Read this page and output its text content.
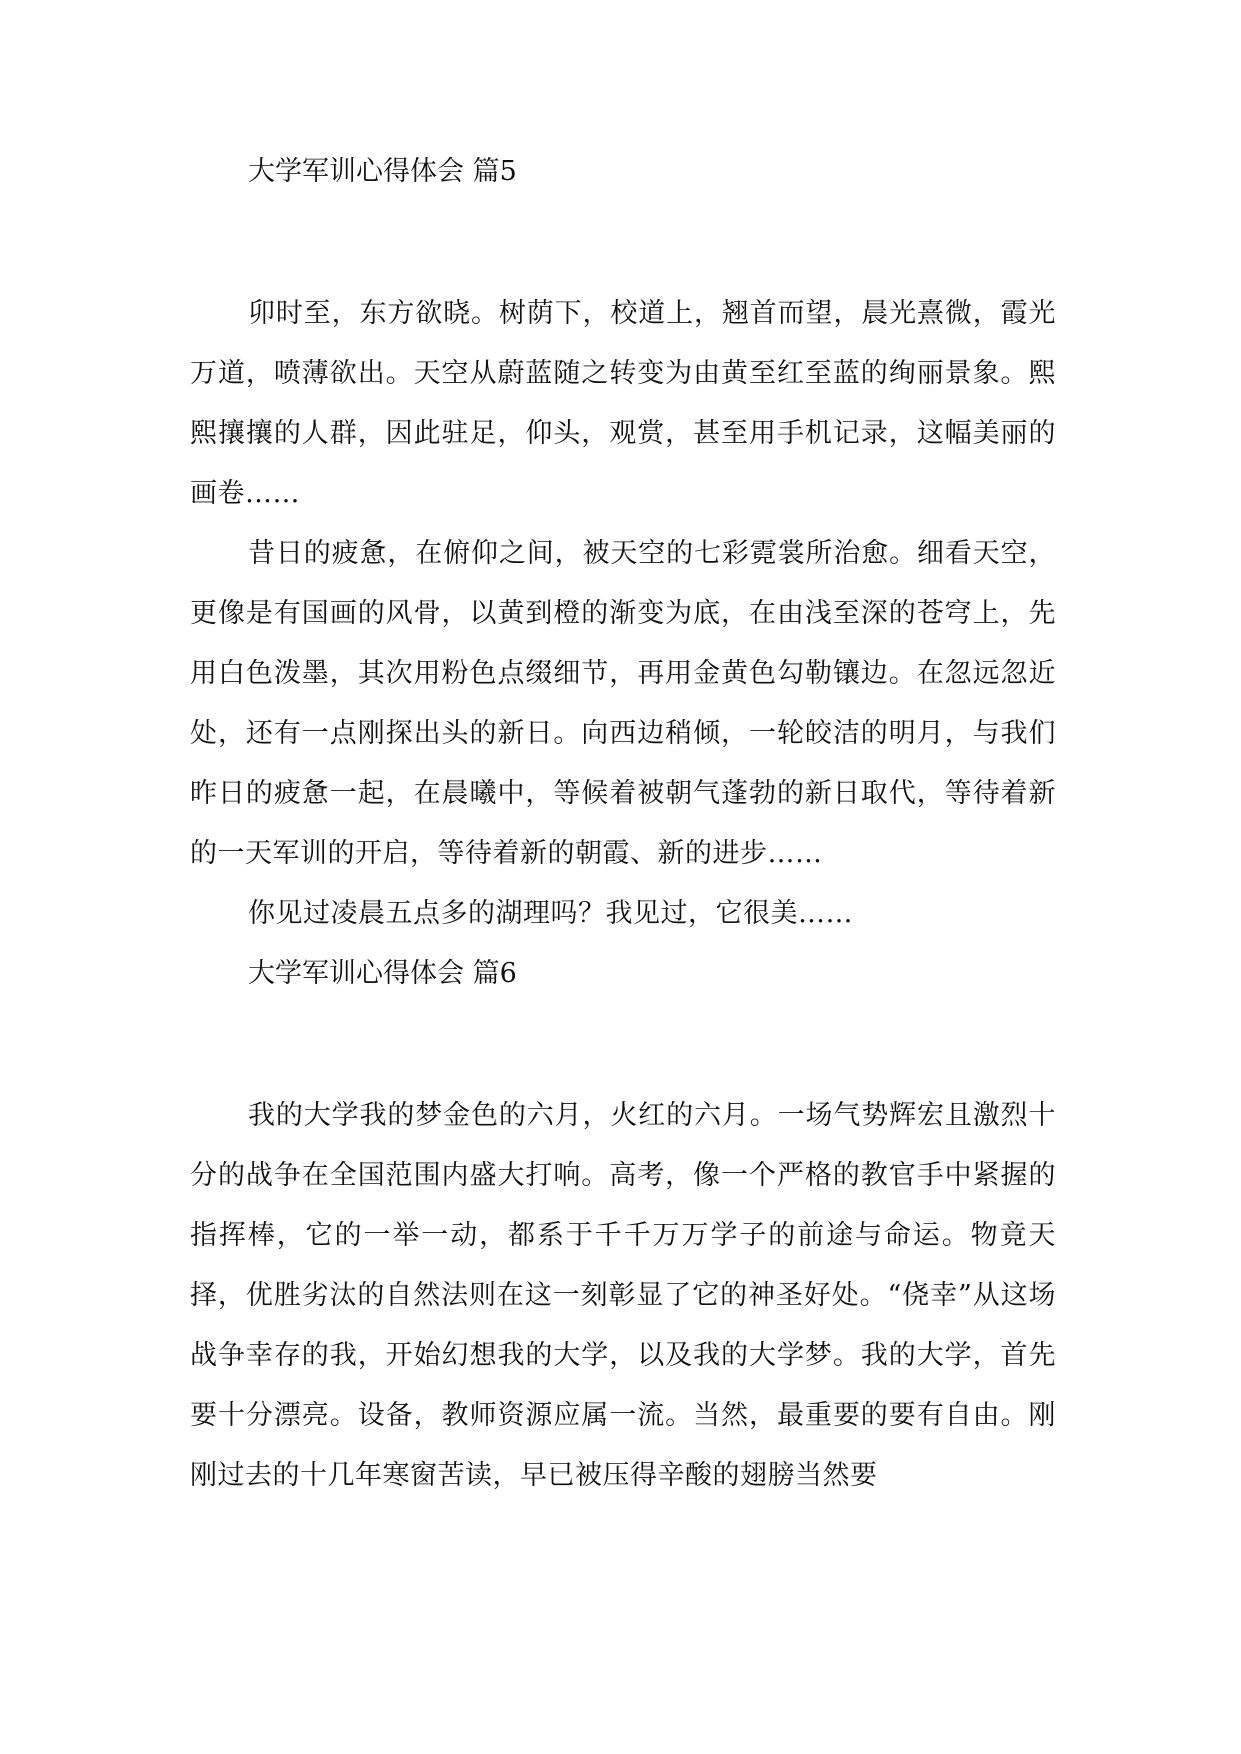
大学军训心得体会 篇5

卯时至，东方欲晓。树荫下，校道上，翘首而望，晨光熹微，霞光万道，喷薄欲出。天空从蔚蓝随之转变为由黄至红至蓝的绚丽景象。熙熙攘攘的人群，因此驻足，仰头，观赏，甚至用手机记录，这幅美丽的画卷……

昔日的疲惫，在俯仰之间，被天空的七彩霓裳所治愈。细看天空，更像是有国画的风骨，以黄到橙的渐变为底，在由浅至深的苍穹上，先用白色泼墨，其次用粉色点缀细节，再用金黄色勾勒镶边。在忽远忽近处，还有一点刚探出头的新日。向西边稍倾，一轮皎洁的明月，与我们昨日的疲惫一起，在晨曦中，等候着被朝气蓬勃的新日取代，等待着新的一天军训的开启，等待着新的朝霞、新的进步……

你见过凌晨五点多的湖理吗？我见过，它很美……

大学军训心得体会 篇6

我的大学我的梦金色的六月，火红的六月。一场气势辉宏且激烈十分的战争在全国范围内盛大打响。高考，像一个严格的教官手中紧握的指挥棒，它的一举一动，都系于千千万万学子的前途与命运。物竟天择，优胜劣汰的自然法则在这一刻彰显了它的神圣好处。“侥幸”从这场战争幸存的我，开始幻想我的大学，以及我的大学梦。我的大学，首先要十分漂亮。设备，教师资源应属一流。当然，最重要的要有自由。刚刚过去的十几年寒窗苦读，早已被压得辛酸的翅膀当然要
